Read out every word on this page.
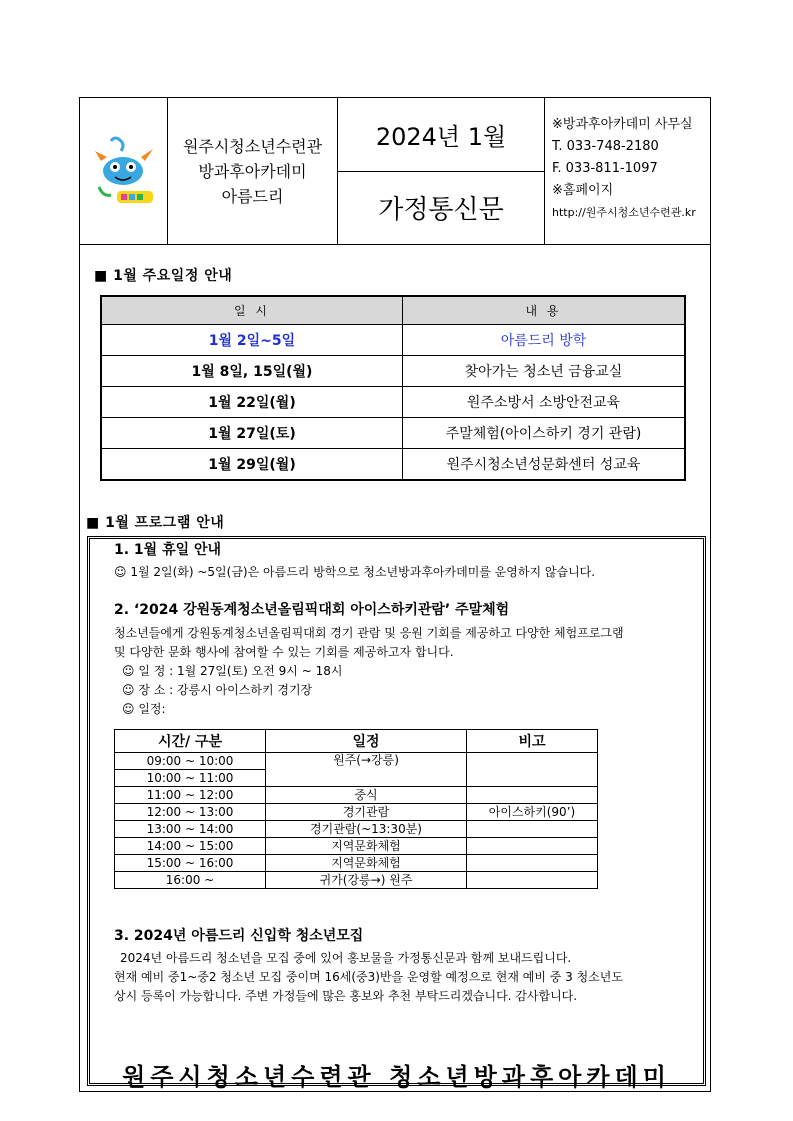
원주시청소년수련관
방과후아카데미
아름드리
2024년 1월
가정통신문
※방과후아카데미 사무실
T. 033-748-2180
F. 033-811-1097
※홈페이지
http://원주시청소년수련관.kr
■ 1월 주요일정 안내
일 시	내 용
1월 2일~5일	아름드리 방학
1월 8일, 15일(월)	찾아가는 청소년 금융교실
1월 22일(월)	원주소방서 소방안전교육
1월 27일(토)	주말체험(아이스하키 경기 관람)
1월 29일(월)	원주시청소년성문화센터 성교육
■ 1월 프로그램 안내
1. 1월 휴일 안내
☺ 1월 2일(화) ~5일(금)은 아름드리 방학으로 청소년방과후아카데미를 운영하지 않습니다.
2. ‘2024 강원동계청소년올림픽대회 아이스하키관람’ 주말체험
청소년들에게 강원동계청소년올림픽대회 경기 관람 및 응원 기회를 제공하고 다양한 체험프로그램
및 다양한 문화 행사에 참여할 수 있는 기회를 제공하고자 합니다.
☺ 일 정 : 1월 27일(토) 오전 9시 ~ 18시
☺ 장 소 : 강릉시 아이스하키 경기장
☺ 일정:
시간/ 구분	일정	비고
09:00 ~ 10:00	원주(→강릉)	
10:00 ~ 11:00		
11:00 ~ 12:00	중식	
12:00 ~ 13:00	경기관람	아이스하키(90’)
13:00 ~ 14:00	경기관람(~13:30분)	
14:00 ~ 15:00	지역문화체험	
15:00 ~ 16:00	지역문화체험	
16:00 ~	귀가(강릉→) 원주	
3. 2024년 아름드리 신입학 청소년모집
2024년 아름드리 청소년을 모집 중에 있어 홍보물을 가정통신문과 함께 보내드립니다.
현재 예비 중1~중2 청소년 모집 중이며 16세(중3)반을 운영할 예정으로 현재 예비 중 3 청소년도
상시 등록이 가능합니다. 주변 가정들에 많은 홍보와 추천 부탁드리겠습니다. 감사합니다.
원주시청소년수련관 청소년방과후아카데미
